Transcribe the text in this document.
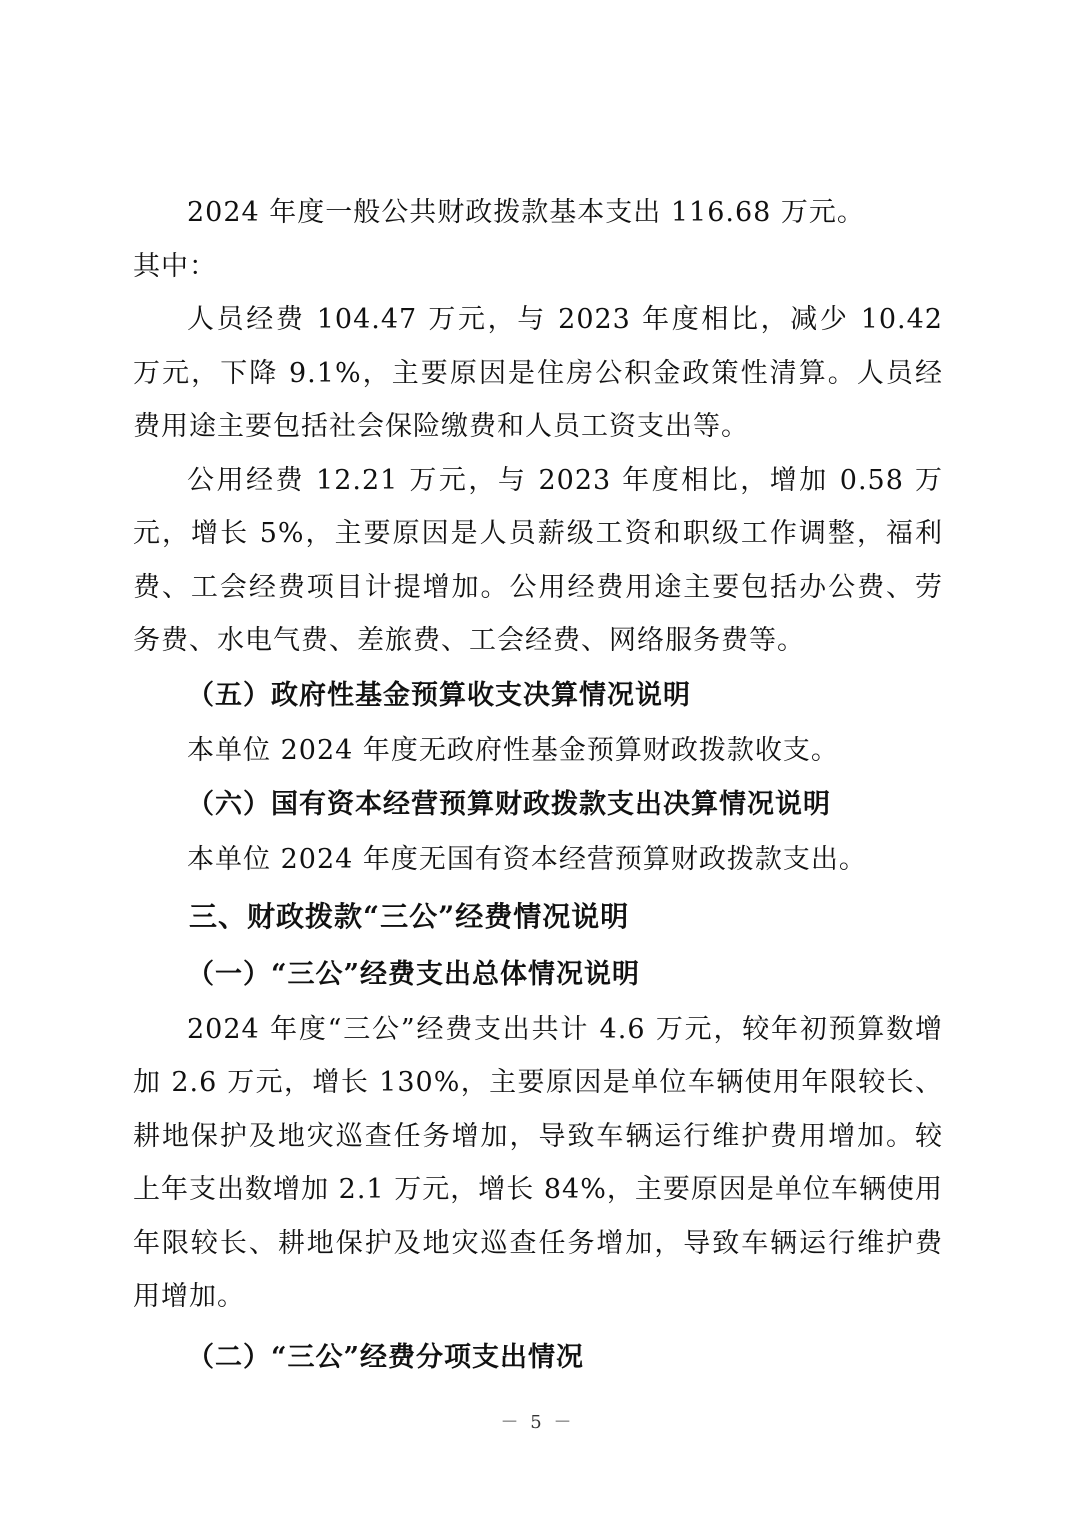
2024 年度一般公共财政拨款基本支出 116.68 万元。

其中：

人员经费 104.47 万元，与 2023 年度相比，减少 10.42 万元，下降 9.1%，主要原因是住房公积金政策性清算。人员经费用途主要包括社会保险缴费和人员工资支出等。

公用经费 12.21 万元，与 2023 年度相比，增加 0.58 万元，增长 5%，主要原因是人员薪级工资和职级工作调整，福利费、工会经费项目计提增加。公用经费用途主要包括办公费、劳务费、水电气费、差旅费、工会经费、网络服务费等。

（五）政府性基金预算收支决算情况说明

本单位 2024 年度无政府性基金预算财政拨款收支。

（六）国有资本经营预算财政拨款支出决算情况说明

本单位 2024 年度无国有资本经营预算财政拨款支出。

三、财政拨款“三公”经费情况说明

（一）“三公”经费支出总体情况说明

2024 年度“三公”经费支出共计 4.6 万元，较年初预算数增加 2.6 万元，增长 130%，主要原因是单位车辆使用年限较长、耕地保护及地灾巡查任务增加，导致车辆运行维护费用增加。较上年支出数增加 2.1 万元，增长 84%，主要原因是单位车辆使用年限较长、耕地保护及地灾巡查任务增加，导致车辆运行维护费用增加。

（二）“三公”经费分项支出情况

－ 5 －
